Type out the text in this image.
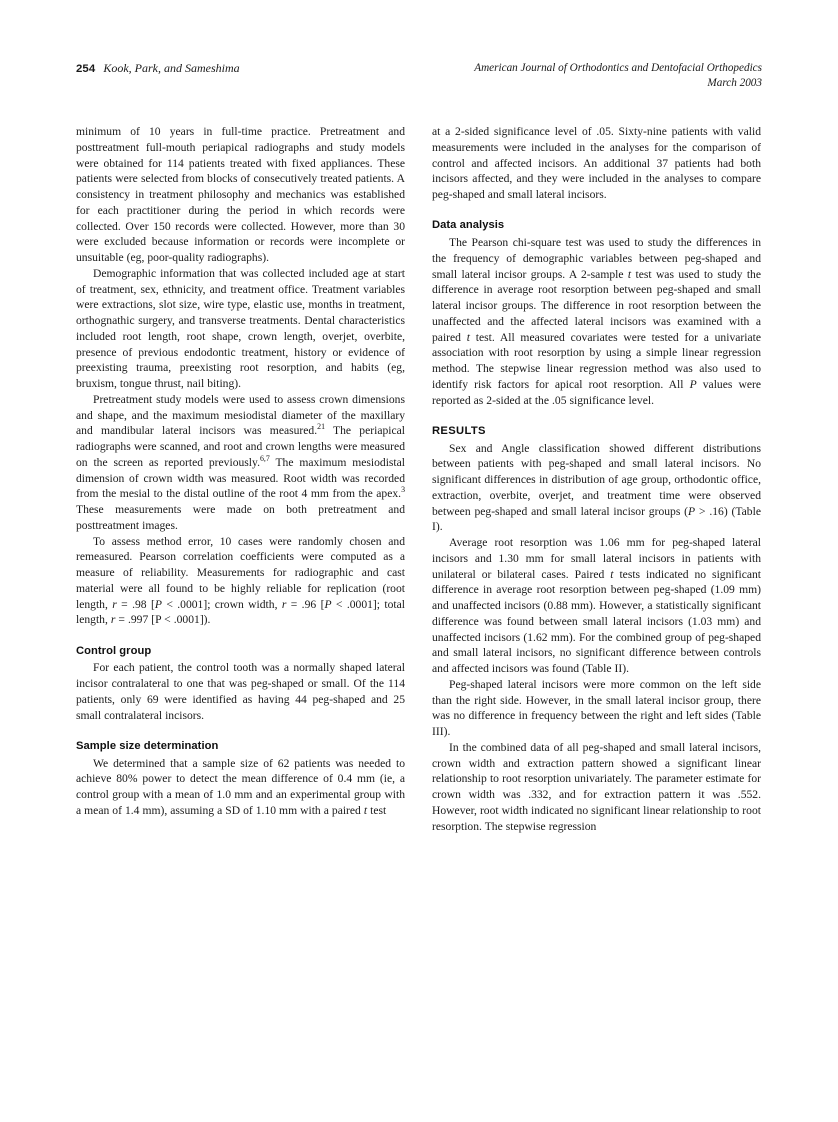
254 Kook, Park, and Sameshima	American Journal of Orthodontics and Dentofacial Orthopedics
March 2003

minimum of 10 years in full-time practice. Pretreatment and posttreatment full-mouth periapical radiographs and study models were obtained for 114 patients treated with fixed appliances. These patients were selected from blocks of consecutively treated patients. A consistency in treatment philosophy and mechanics was established for each practitioner during the period in which records were collected. Over 150 records were collected. However, more than 30 were excluded because information or records were incomplete or unsuitable (eg, poor-quality radiographs).

Demographic information that was collected included age at start of treatment, sex, ethnicity, and treatment office. Treatment variables were extractions, slot size, wire type, elastic use, months in treatment, orthognathic surgery, and transverse treatments. Dental characteristics included root length, root shape, crown length, overjet, overbite, presence of previous endodontic treatment, history or evidence of preexisting trauma, preexisting root resorption, and habits (eg, bruxism, tongue thrust, nail biting).

Pretreatment study models were used to assess crown dimensions and shape, and the maximum mesiodistal diameter of the maxillary and mandibular lateral incisors was measured.$^{21}$ The periapical radiographs were scanned, and root and crown lengths were measured on the screen as reported previously.$^{6,7}$ The maximum mesiodistal dimension of crown width was measured. Root width was recorded from the mesial to the distal outline of the root 4 mm from the apex.$^3$ These measurements were made on both pretreatment and posttreatment images.

To assess method error, 10 cases were randomly chosen and remeasured. Pearson correlation coefficients were computed as a measure of reliability. Measurements for radiographic and cast material were all found to be highly reliable for replication (root length, r = .98 [P < .0001]; crown width, r = .96 [P < .0001]; total length, r = .997 [P < .0001]).

Control group

For each patient, the control tooth was a normally shaped lateral incisor contralateral to one that was peg-shaped or small. Of the 114 patients, only 69 were identified as having 44 peg-shaped and 25 small contralateral incisors.

Sample size determination

We determined that a sample size of 62 patients was needed to achieve 80% power to detect the mean difference of 0.4 mm (ie, a control group with a mean of 1.0 mm and an experimental group with a mean of 1.4 mm), assuming a SD of 1.10 mm with a paired t test

at a 2-sided significance level of .05. Sixty-nine patients with valid measurements were included in the analyses for the comparison of control and affected incisors. An additional 37 patients had both incisors affected, and they were included in the analyses to compare peg-shaped and small lateral incisors.

Data analysis

The Pearson chi-square test was used to study the differences in the frequency of demographic variables between peg-shaped and small lateral incisor groups. A 2-sample t test was used to study the difference in average root resorption between peg-shaped and small lateral incisor groups. The difference in root resorption between the unaffected and the affected lateral incisors was examined with a paired t test. All measured covariates were tested for a univariate association with root resorption by using a simple linear regression method. The stepwise linear regression method was also used to identify risk factors for apical root resorption. All P values were reported as 2-sided at the .05 significance level.

RESULTS

Sex and Angle classification showed different distributions between patients with peg-shaped and small lateral incisors. No significant differences in distribution of age group, orthodontic office, extraction, overbite, overjet, and treatment time were observed between peg-shaped and small lateral incisor groups (P > .16) (Table I).

Average root resorption was 1.06 mm for peg-shaped lateral incisors and 1.30 mm for small lateral incisors in patients with unilateral or bilateral cases. Paired t tests indicated no significant difference in average root resorption between peg-shaped (1.09 mm) and unaffected incisors (0.88 mm). However, a statistically significant difference was found between small lateral incisors (1.03 mm) and unaffected incisors (1.62 mm). For the combined group of peg-shaped and small lateral incisors, no significant difference between controls and affected incisors was found (Table II).

Peg-shaped lateral incisors were more common on the left side than the right side. However, in the small lateral incisor group, there was no difference in frequency between the right and left sides (Table III).

In the combined data of all peg-shaped and small lateral incisors, crown width and extraction pattern showed a significant linear relationship to root resorption univariately. The parameter estimate for crown width was .332, and for extraction pattern it was .552. However, root width indicated no significant linear relationship to root resorption. The stepwise regression
